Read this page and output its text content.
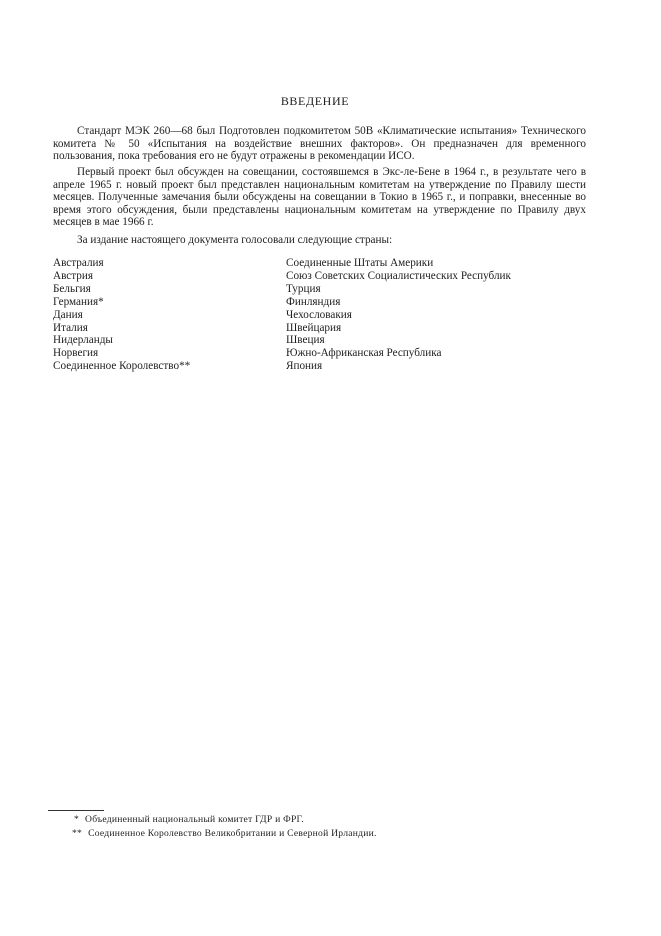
ВВЕДЕНИЕ

Стандарт МЭК 260—68 был Подготовлен подкомитетом 50В «Климатические испытания» Технического комитета № 50 «Испытания на воздействие внешних факторов». Он предназначен для временного пользования, пока требования его не будут отражены в рекомендации ИСО.

Первый проект был обсужден на совещании, состоявшемся в Экс-ле-Бене в 1964 г., в результате чего в апреле 1965 г. новый проект был представлен национальным комитетам на утверждение по Правилу шести месяцев. Полученные замечания были обсуждены на совещании в Токио в 1965 г., и поправки, внесенные во время этого обсуждения, были представлены национальным комитетам на утверждение по Правилу двух месяцев в мае 1966 г.

За издание настоящего документа голосовали следующие страны:

Австралия
Австрия
Бельгия
Германия*
Дания
Италия
Нидерланды
Норвегия
Соединенное Королевство**
Соединенные Штаты Америки
Союз Советских Социалистических Республик
Турция
Финляндия
Чехословакия
Швейцария
Швеция
Южно-Африканская Республика
Япония
* Объединенный национальный комитет ГДР и ФРГ.
** Соединенное Королевство Великобритании и Северной Ирландии.
